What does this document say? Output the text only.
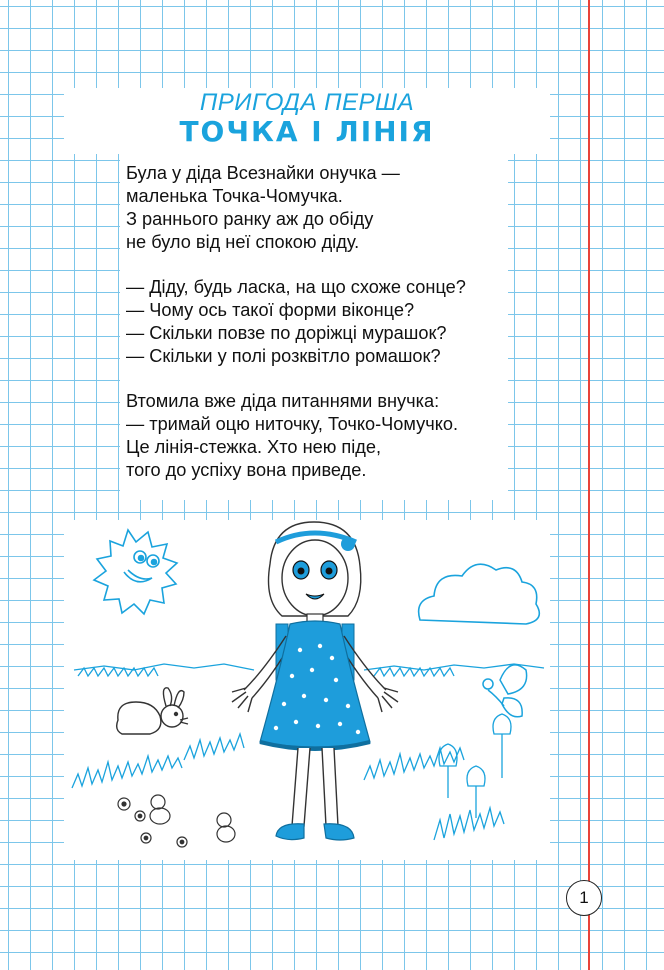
ПРИГОДА ПЕРША
ТОЧКА І ЛІНІЯ
Була у діда Всезнайки онучка —
маленька Точка-Чомучка.
З раннього ранку аж до обіду
не було від неї спокою діду.
— Діду, будь ласка, на що схоже сонце?
— Чому ось такої форми віконце?
— Скільки повзе по доріжці мурашок?
— Скільки у полі розквітло ромашок?
Втомила вже діда питаннями внучка:
— тримай оцю ниточку, Точко-Чомучко.
Це лінія-стежка. Хто нею піде,
того до успіху вона приведе.
1
